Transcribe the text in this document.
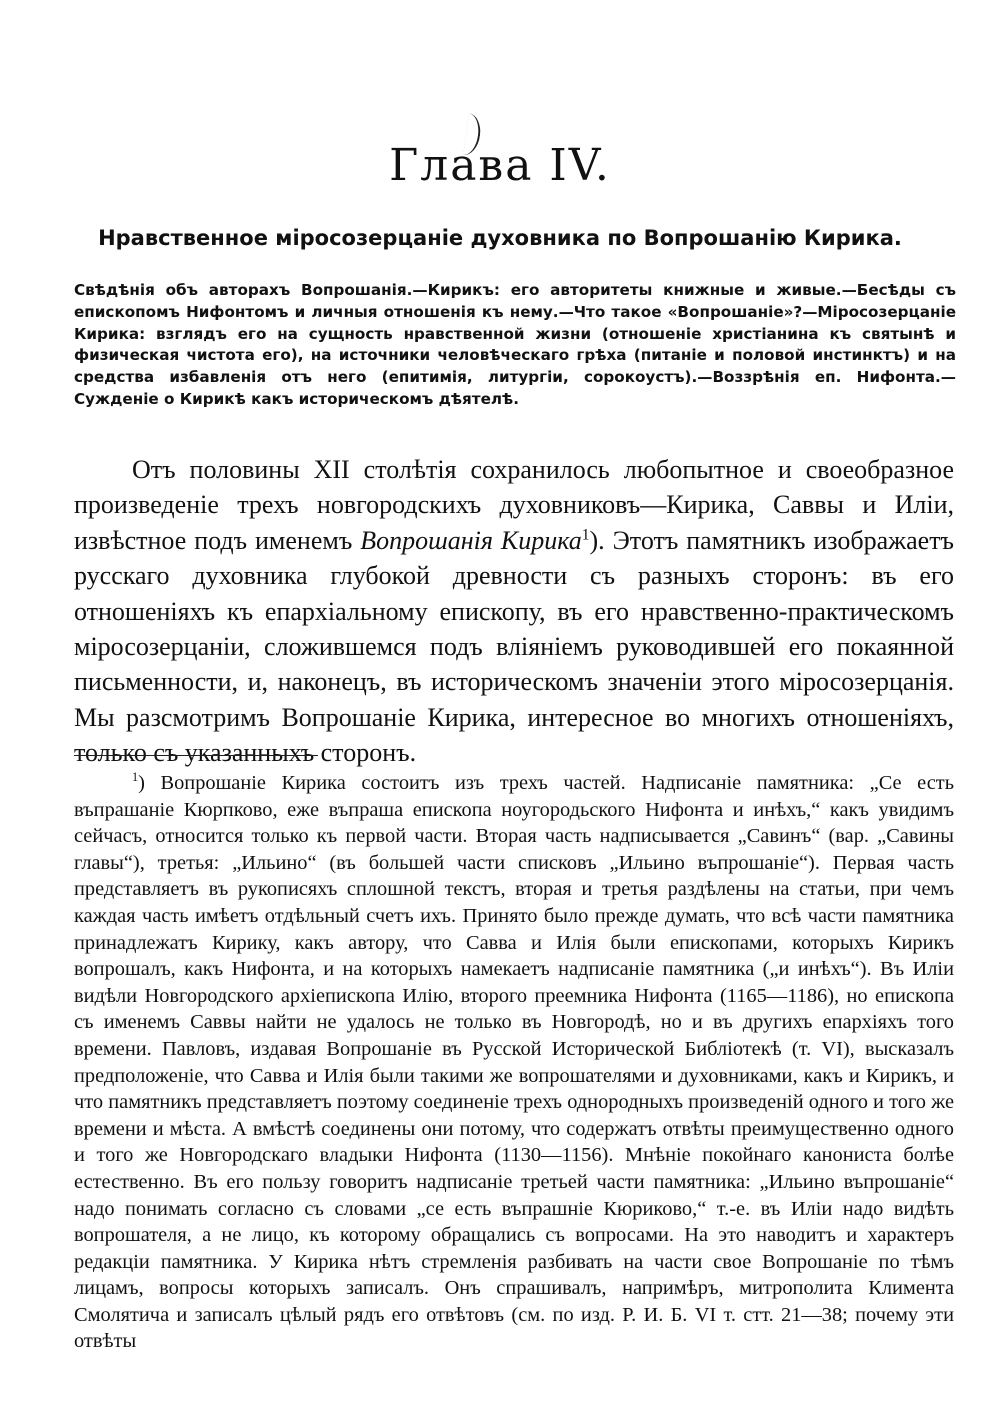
Глава IV.
Нравственное міросозерцаніе духовника по Вопрошанію Кирика.

Свѣдѣнія объ авторахъ Вопрошанія.—Кирикъ: его авторитеты книжные и живые.—Бесѣды съ епископомъ Нифонтомъ и личныя отношенія къ нему.—Что такое «Вопрошаніе»?—Міросозерцаніе Кирика: взглядъ его на сущность нравственной жизни (отношеніе христіанина къ святынѣ и физическая чистота его), на источники человѣческаго грѣха (питаніе и половой инстинктъ) и на средства избавленія отъ него (епитимія, литургіи, сорокоустъ).—Воззрѣнія еп. Нифонта.—Сужденіе о Кирикѣ какъ историческомъ дѣятелѣ.

Отъ половины XII столѣтія сохранилось любопытное и своеобразное произведеніе трехъ новгородскихъ духовниковъ—Кирика, Саввы и Иліи, извѣстное подъ именемъ Вопрошанія Кирика$^1$). Этотъ памятникъ изображаетъ русскаго духовника глубокой древности съ разныхъ сторонъ: въ его отношеніяхъ къ епархіальному епископу, въ его нравственно-практическомъ міросозерцаніи, сложившемся подъ вліяніемъ руководившей его покаянной письменности, и, наконецъ, въ историческомъ значеніи этого міросозерцанія. Мы разсмотримъ Вопрошаніе Кирика, интересное во многихъ отношеніяхъ, только съ указанныхъ сторонъ.

$^1$) Вопрошаніе Кирика состоитъ изъ трехъ частей. Надписаніе памятника: „Се есть въпрашаніе Кюрпково, еже въпраша епископа ноугородьского Нифонта и инѣхъ,“ какъ увидимъ сейчасъ, относится только къ первой части. Вторая часть надписывается „Савинъ“ (вар. „Савины главы“), третья: „Ильино“ (въ большей части списковъ „Ильино въпрошаніе“). Первая часть представляетъ въ рукописяхъ сплошной текстъ, вторая и третья раздѣлены на статьи, при чемъ каждая часть имѣетъ отдѣльный счетъ ихъ. Принято было прежде думать, что всѣ части памятника принадлежатъ Кирику, какъ автору, что Савва и Илія были епископами, которыхъ Кирикъ вопрошалъ, какъ Нифонта, и на которыхъ намекаетъ надписаніе памятника („и инѣхъ“). Въ Иліи видѣли Новгородского архіепископа Илію, второго преемника Нифонта (1165—1186), но епископа съ именемъ Саввы найти не удалось не только въ Новгородѣ, но и въ другихъ епархіяхъ того времени. Павловъ, издавая Вопрошаніе въ Русской Исторической Библіотекѣ (т. VI), высказалъ предположеніе, что Савва и Илія были такими же вопрошателями и духовниками, какъ и Кирикъ, и что памятникъ представляетъ поэтому соединеніе трехъ однородныхъ произведеній одного и того же времени и мѣста. А вмѣстѣ соединены они потому, что содержатъ отвѣты преимущественно одного и того же Новгородскаго владыки Нифонта (1130—1156). Мнѣніе покойнаго канониста болѣе естественно. Въ его пользу говоритъ надписаніе третьей части памятника: „Ильино въпрошаніе“ надо понимать согласно съ словами „се есть въпрашніе Кюриково,“ т.-е. въ Иліи надо видѣть вопрошателя, а не лицо, къ которому обращались съ вопросами. На это наводитъ и характеръ редакціи памятника. У Кирика нѣтъ стремленія разбивать на части свое Вопрошаніе по тѣмъ лицамъ, вопросы которыхъ записалъ. Онъ спрашивалъ, напримѣръ, митрополита Климента Смолятича и записалъ цѣлый рядъ его отвѣтовъ (см. по изд. Р. И. Б. VI т. стт. 21—38; почему эти отвѣты
